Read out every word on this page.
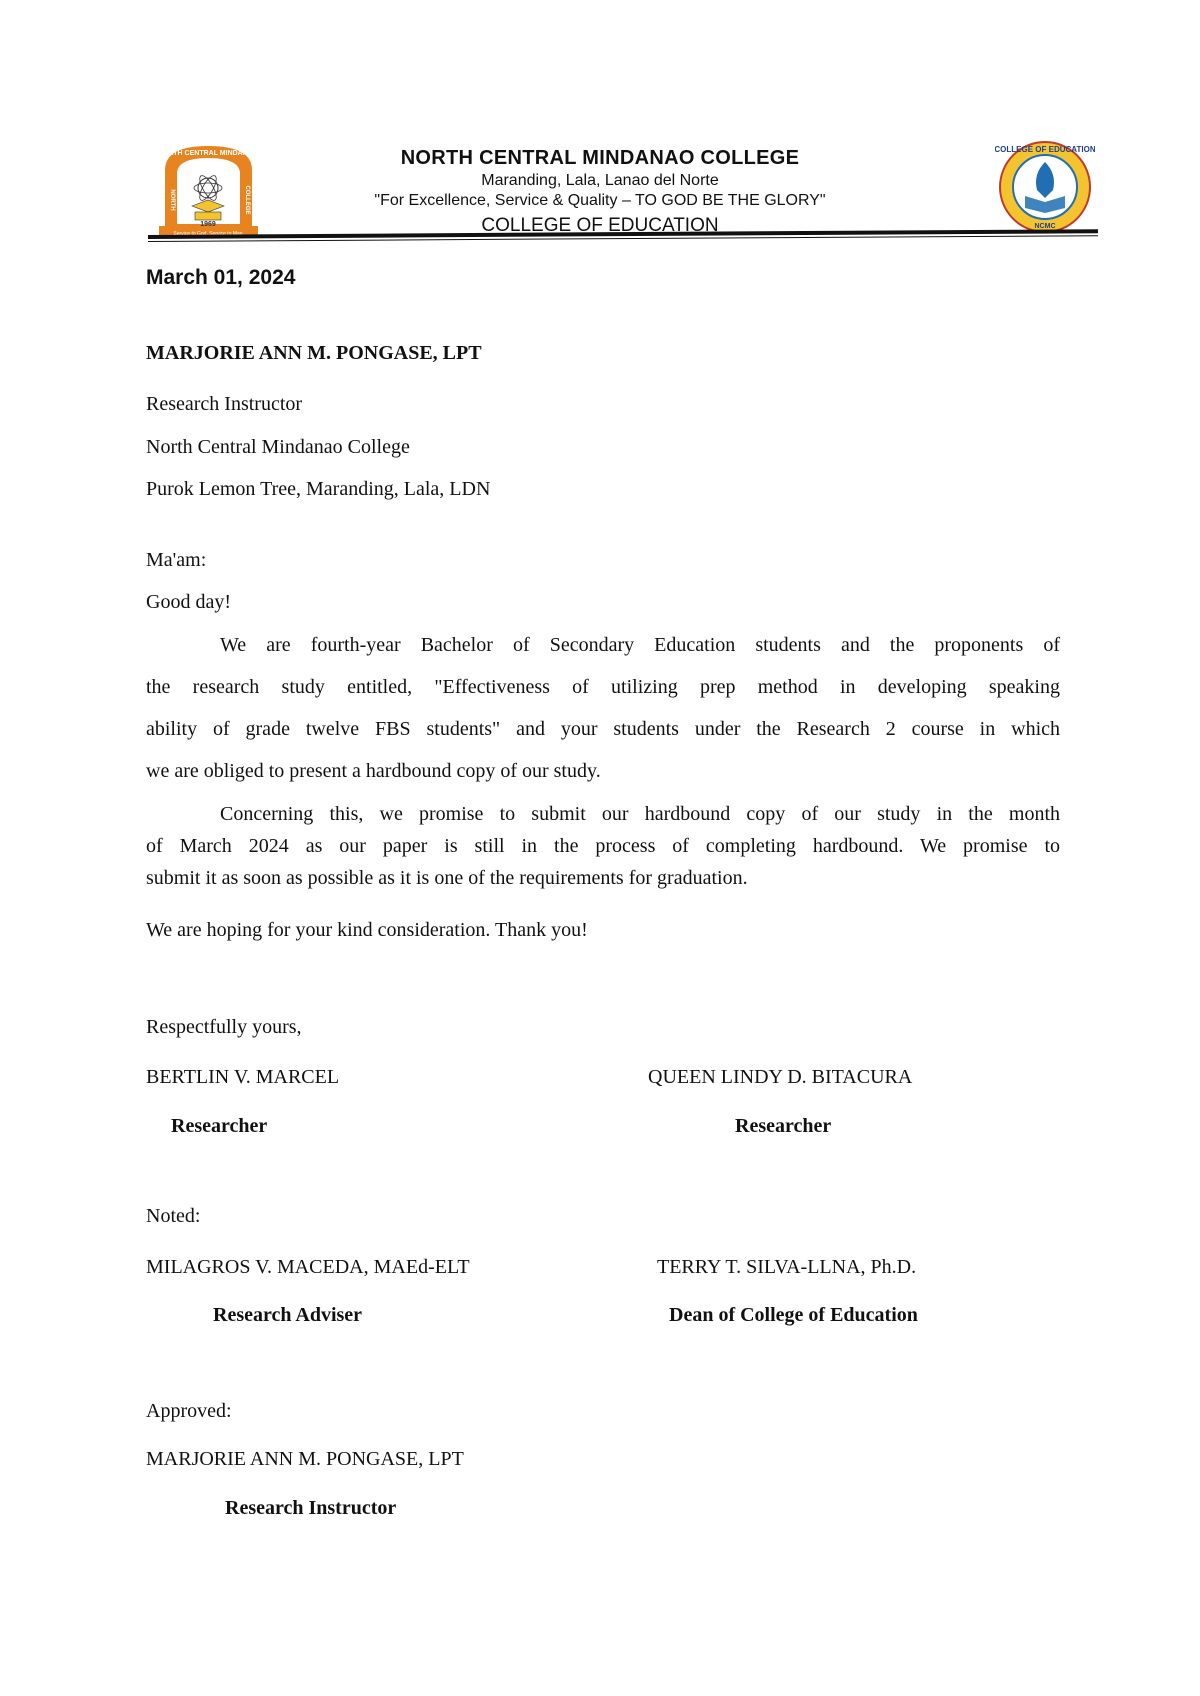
Service to God, Service to Man
1969
NORTH CENTRAL MINDANAO
NORTH	COLLEGE
COLLEGE OF EDUCATION
NCMC
NORTH CENTRAL MINDANAO COLLEGE
Maranding, Lala, Lanao del Norte
"For Excellence, Service & Quality – TO GOD BE THE GLORY"
COLLEGE OF EDUCATION
March 01, 2024
MARJORIE ANN M. PONGASE, LPT
Research Instructor
North Central Mindanao College
Purok Lemon Tree, Maranding, Lala, LDN
Ma'am:
Good day!
We are fourth-year Bachelor of Secondary Education students and the proponents of
the research study entitled, "Effectiveness of utilizing prep method in developing speaking
ability of grade twelve FBS students" and your students under the Research 2 course in which
we are obliged to present a hardbound copy of our study.
Concerning this, we promise to submit our hardbound copy of our study in the month
of March 2024 as our paper is still in the process of completing hardbound. We promise to
submit it as soon as possible as it is one of the requirements for graduation.
We are hoping for your kind consideration. Thank you!
Respectfully yours,
BERTLIN V. MARCEL
Researcher
QUEEN LINDY D. BITACURA
Researcher
Noted:
MILAGROS V. MACEDA, MAEd-ELT
Research Adviser
TERRY T. SILVA-LLNA, Ph.D.
Dean of College of Education
Approved:
MARJORIE ANN M. PONGASE, LPT
Research Instructor
